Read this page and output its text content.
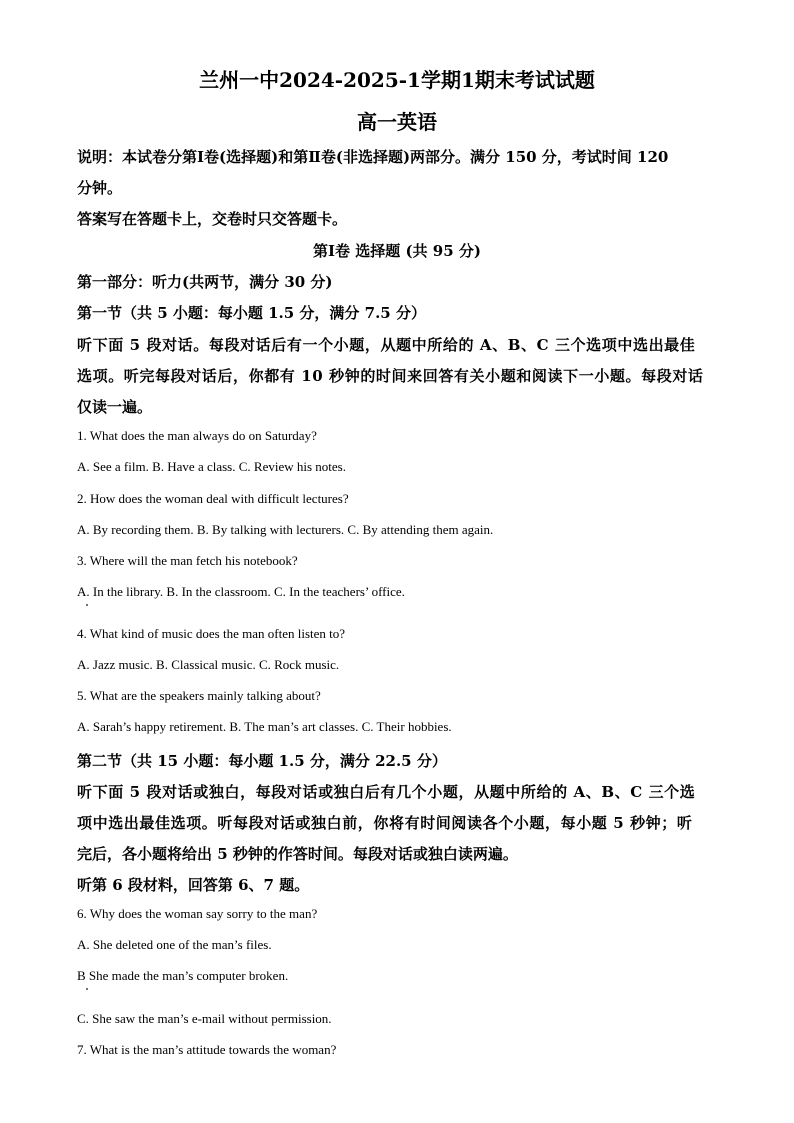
兰州一中2024-2025-1学期1期末考试试题
高一英语
说明：本试卷分第Ⅰ卷(选择题)和第Ⅱ卷(非选择题)两部分。满分 150 分，考试时间 120
分钟。
答案写在答题卡上，交卷时只交答题卡。
第Ⅰ卷 选择题 (共 95 分)
第一部分：听力(共两节，满分 30 分)
第一节（共 5 小题：每小题 1.5 分，满分 7.5 分）
听下面 5 段对话。每段对话后有一个小题，从题中所给的 A、B、C 三个选项中选出最佳
选项。听完每段对话后，你都有 10 秒钟的时间来回答有关小题和阅读下一小题。每段对话
仅读一遍。
1. What does the man always do on Saturday?
A. See a film. B. Have a class. C. Review his notes.
2. How does the woman deal with difficult lectures?
A. By recording them. B. By talking with lecturers. C. By attending them again.
3. Where will the man fetch his notebook?
A. In the library. B. In the classroom. C. In the teachers’ office.
4. What kind of music does the man often listen to?
A. Jazz music. B. Classical music. C. Rock music.
5. What are the speakers mainly talking about?
A. Sarah’s happy retirement. B. The man’s art classes. C. Their hobbies.
第二节（共 15 小题：每小题 1.5 分，满分 22.5 分）
听下面 5 段对话或独白，每段对话或独白后有几个小题，从题中所给的 A、B、C 三个选
项中选出最佳选项。听每段对话或独白前，你将有时间阅读各个小题，每小题 5 秒钟；听
完后，各小题将给出 5 秒钟的作答时间。每段对话或独白读两遍。
听第 6 段材料，回答第 6、7 题。
6. Why does the woman say sorry to the man?
A. She deleted one of the man’s files.
B She made the man’s computer broken.
C. She saw the man’s e-mail without permission.
7. What is the man’s attitude towards the woman?
